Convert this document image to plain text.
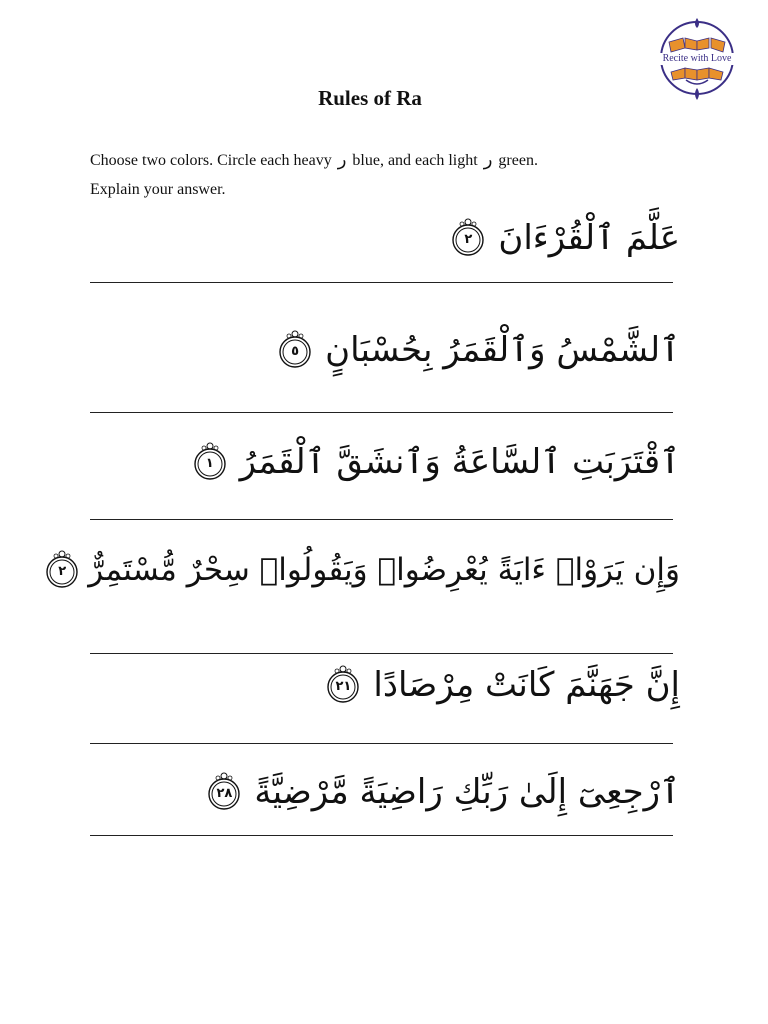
Recite with Love
Rules of Ra
Choose two colors. Circle each heavy ر blue, and each light ر green.
Explain your answer.
عَلَّمَ ٱلْقُرْءَانَ
٢
ٱلشَّمْسُ وَٱلْقَمَرُ بِحُسْبَانٍ
٥
ٱقْتَرَبَتِ ٱلسَّاعَةُ وَٱنشَقَّ ٱلْقَمَرُ
١
وَإِن يَرَوْا۟ ءَايَةً يُعْرِضُوا۟ وَيَقُولُوا۟ سِحْرٌ مُّسْتَمِرٌّ
٢
إِنَّ جَهَنَّمَ كَانَتْ مِرْصَادًا
٢١
ٱرْجِعِىٓ إِلَىٰ رَبِّكِ رَاضِيَةً مَّرْضِيَّةً
٢٨
